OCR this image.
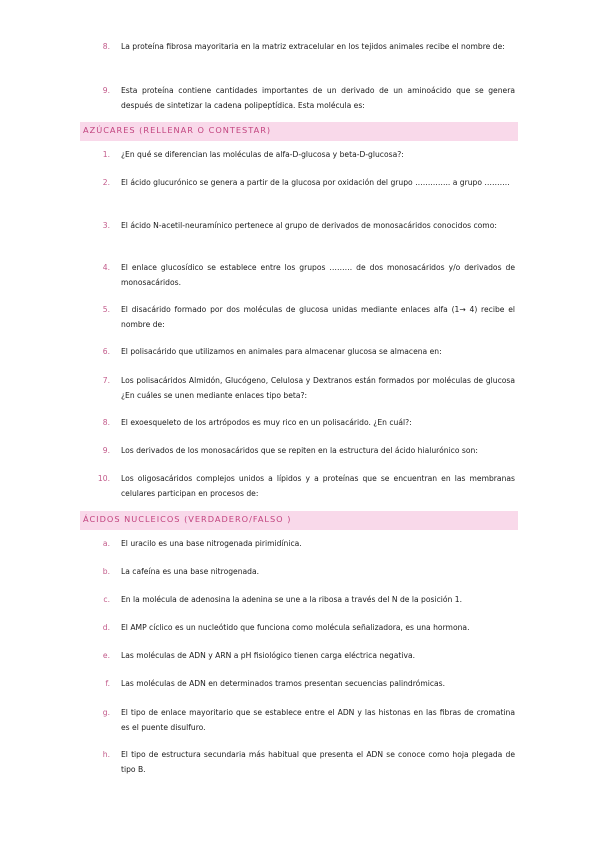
8. La proteína fibrosa mayoritaria en la matriz extracelular en los tejidos animales recibe el nombre de:
9. Esta proteína contiene cantidades importantes de un derivado de un aminoácido que se genera después de sintetizar la cadena polipeptídica. Esta molécula es:
AZÚCARES (RELLENAR O CONTESTAR)
1. ¿En qué se diferencian las moléculas de alfa-D-glucosa y beta-D-glucosa?:
2. El ácido glucurónico se genera a partir de la glucosa por oxidación del grupo ………….. a grupo ……….
3. El ácido N-acetil-neuramínico pertenece al grupo de derivados de monosacáridos conocidos como:
4. El enlace glucosídico se establece entre los grupos ……… de dos monosacáridos y/o derivados de monosacáridos.
5. El disacárido formado por dos moléculas de glucosa unidas mediante enlaces alfa (1→ 4) recibe el nombre de:
6. El polisacárido que utilizamos en animales para almacenar glucosa se almacena en:
7. Los polisacáridos Almidón, Glucógeno, Celulosa y Dextranos están formados por moléculas de glucosa ¿En cuáles se unen mediante enlaces tipo beta?:
8. El exoesqueleto de los artrópodos es muy rico en un polisacárido. ¿En cuál?:
9. Los derivados de los monosacáridos que se repiten en la estructura del ácido hialurónico son:
10. Los oligosacáridos complejos unidos a lípidos y a proteínas que se encuentran en las membranas celulares participan en procesos de:
ÁCIDOS NUCLEICOS (VERDADERO/FALSO )
a. El uracilo es una base nitrogenada pirimidínica.
b. La cafeína es una base nitrogenada.
c. En la molécula de adenosina la adenina se une a la ribosa a través del N de la posición 1.
d. El AMP cíclico es un nucleótido que funciona como molécula señalizadora, es una hormona.
e. Las moléculas de ADN y ARN a pH fisiológico tienen carga eléctrica negativa.
f. Las moléculas de ADN en determinados tramos presentan secuencias palindrómicas.
g. El tipo de enlace mayoritario que se establece entre el ADN y las histonas en las fibras de cromatina es el puente disulfuro.
h. El tipo de estructura secundaria más habitual que presenta el ADN se conoce como hoja plegada de tipo B.
